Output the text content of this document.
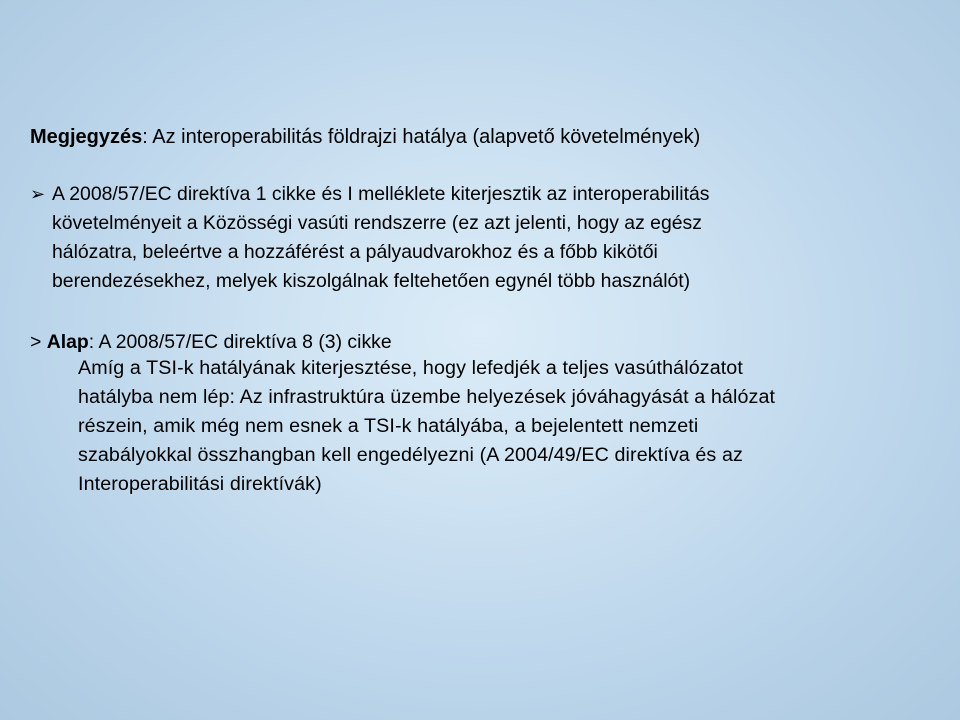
Megjegyzés: Az interoperabilitás földrajzi hatálya (alapvető követelmények)
➢ A 2008/57/EC direktíva 1 cikke és I melléklete kiterjesztik az interoperabilitás
követelményeit a Közösségi vasúti rendszerre (ez azt jelenti, hogy az egész
hálózatra, beleértve a hozzáférést a pályaudvarokhoz és a főbb kikötői
berendezésekhez, melyek kiszolgálnak feltehetően egynél több használót)
> Alap: A 2008/57/EC direktíva 8 (3) cikke
Amíg a TSI-k hatályának kiterjesztése, hogy lefedjék a teljes vasúthálózatot
hatályba nem lép: Az infrastruktúra üzembe helyezések jóváhagyását a hálózat
részein, amik még nem esnek a TSI-k hatályába, a bejelentett nemzeti
szabályokkal összhangban kell engedélyezni (A 2004/49/EC direktíva és az
Interoperabilitási direktívák)
